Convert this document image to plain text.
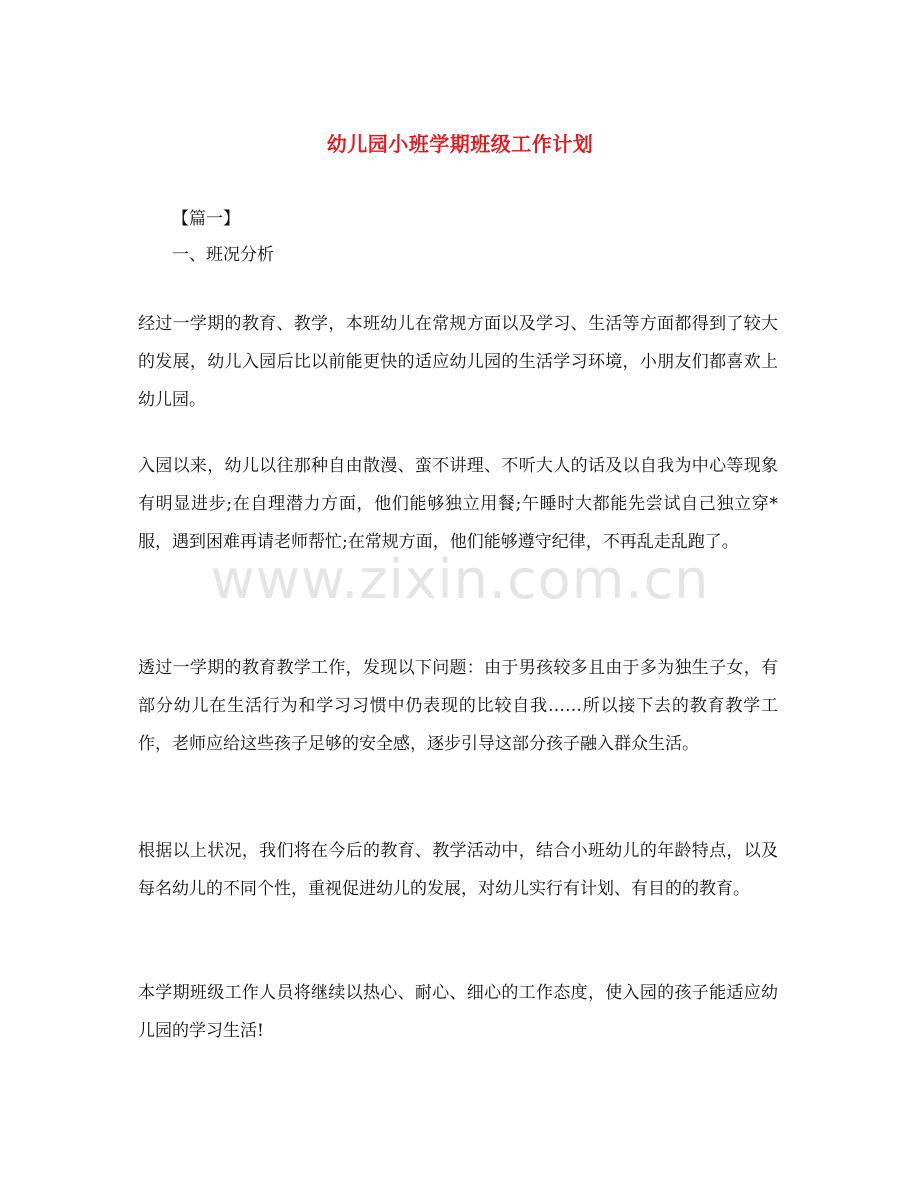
幼儿园小班学期班级工作计划
【篇一】
一、班况分析
经过一学期的教育、教学，本班幼儿在常规方面以及学习、生活等方面都得到了较大的发展，幼儿入园后比以前能更快的适应幼儿园的生活学习环境，小朋友们都喜欢上幼儿园。
入园以来，幼儿以往那种自由散漫、蛮不讲理、不听大人的话及以自我为中心等现象有明显进步;在自理潜力方面，他们能够独立用餐;午睡时大都能先尝试自己独立穿*服，遇到困难再请老师帮忙;在常规方面，他们能够遵守纪律，不再乱走乱跑了。
透过一学期的教育教学工作，发现以下问题：由于男孩较多且由于多为独生子女，有部分幼儿在生活行为和学习习惯中仍表现的比较自我……所以接下去的教育教学工作，老师应给这些孩子足够的安全感，逐步引导这部分孩子融入群众生活。
根据以上状况，我们将在今后的教育、教学活动中，结合小班幼儿的年龄特点，以及每名幼儿的不同个性，重视促进幼儿的发展，对幼儿实行有计划、有目的的教育。
本学期班级工作人员将继续以热心、耐心、细心的工作态度，使入园的孩子能适应幼儿园的学习生活!
www.zixin.com.cn
